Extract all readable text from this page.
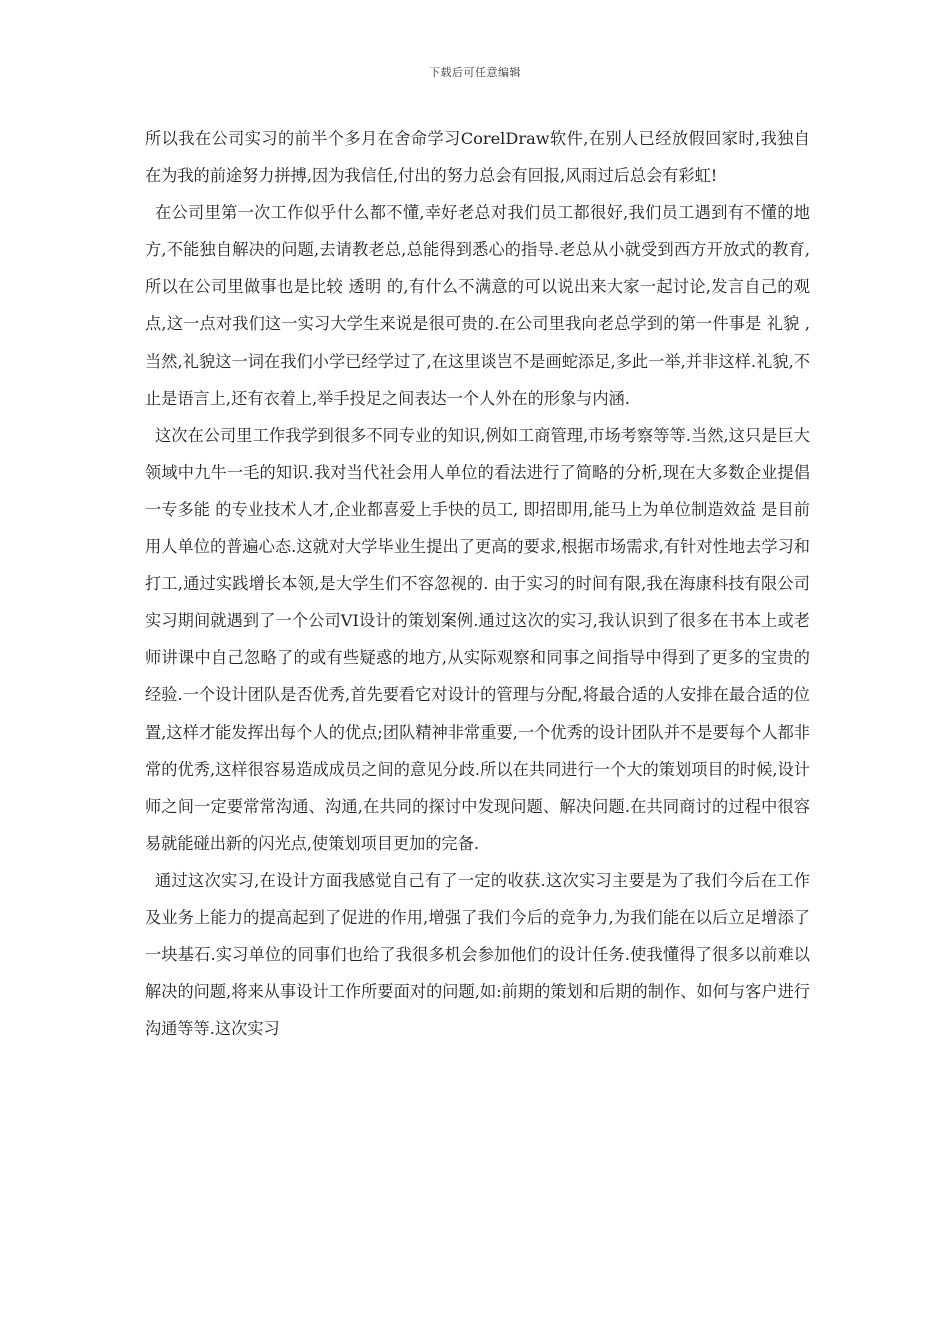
下载后可任意编辑

所以我在公司实习的前半个多月在舍命学习CorelDraw软件,在别人已经放假回家时,我独自在为我的前途努力拼搏,因为我信任,付出的努力总会有回报,风雨过后总会有彩虹!

在公司里第一次工作似乎什么都不懂,幸好老总对我们员工都很好,我们员工遇到有不懂的地方,不能独自解决的问题,去请教老总,总能得到悉心的指导.老总从小就受到西方开放式的教育,所以在公司里做事也是比较 透明 的,有什么不满意的可以说出来大家一起讨论,发言自己的观点,这一点对我们这一实习大学生来说是很可贵的.在公司里我向老总学到的第一件事是 礼貌 ,当然,礼貌这一词在我们小学已经学过了,在这里谈岂不是画蛇添足,多此一举,并非这样.礼貌,不止是语言上,还有衣着上,举手投足之间表达一个人外在的形象与内涵.

这次在公司里工作我学到很多不同专业的知识,例如工商管理,市场考察等等.当然,这只是巨大领域中九牛一毛的知识.我对当代社会用人单位的看法进行了简略的分析,现在大多数企业提倡 一专多能 的专业技术人才,企业都喜爱上手快的员工, 即招即用,能马上为单位制造效益 是目前用人单位的普遍心态.这就对大学毕业生提出了更高的要求,根据市场需求,有针对性地去学习和打工,通过实践增长本领,是大学生们不容忽视的. 由于实习的时间有限,我在海康科技有限公司实习期间就遇到了一个公司VI设计的策划案例.通过这次的实习,我认识到了很多在书本上或老师讲课中自己忽略了的或有些疑惑的地方,从实际观察和同事之间指导中得到了更多的宝贵的经验.一个设计团队是否优秀,首先要看它对设计的管理与分配,将最合适的人安排在最合适的位置,这样才能发挥出每个人的优点;团队精神非常重要,一个优秀的设计团队并不是要每个人都非常的优秀,这样很容易造成成员之间的意见分歧.所以在共同进行一个大的策划项目的时候,设计师之间一定要常常沟通、沟通,在共同的探讨中发现问题、解决问题.在共同商讨的过程中很容易就能碰出新的闪光点,使策划项目更加的完备.

通过这次实习,在设计方面我感觉自己有了一定的收获.这次实习主要是为了我们今后在工作及业务上能力的提高起到了促进的作用,增强了我们今后的竞争力,为我们能在以后立足增添了一块基石.实习单位的同事们也给了我很多机会参加他们的设计任务.使我懂得了很多以前难以解决的问题,将来从事设计工作所要面对的问题,如:前期的策划和后期的制作、如何与客户进行沟通等等.这次实习
